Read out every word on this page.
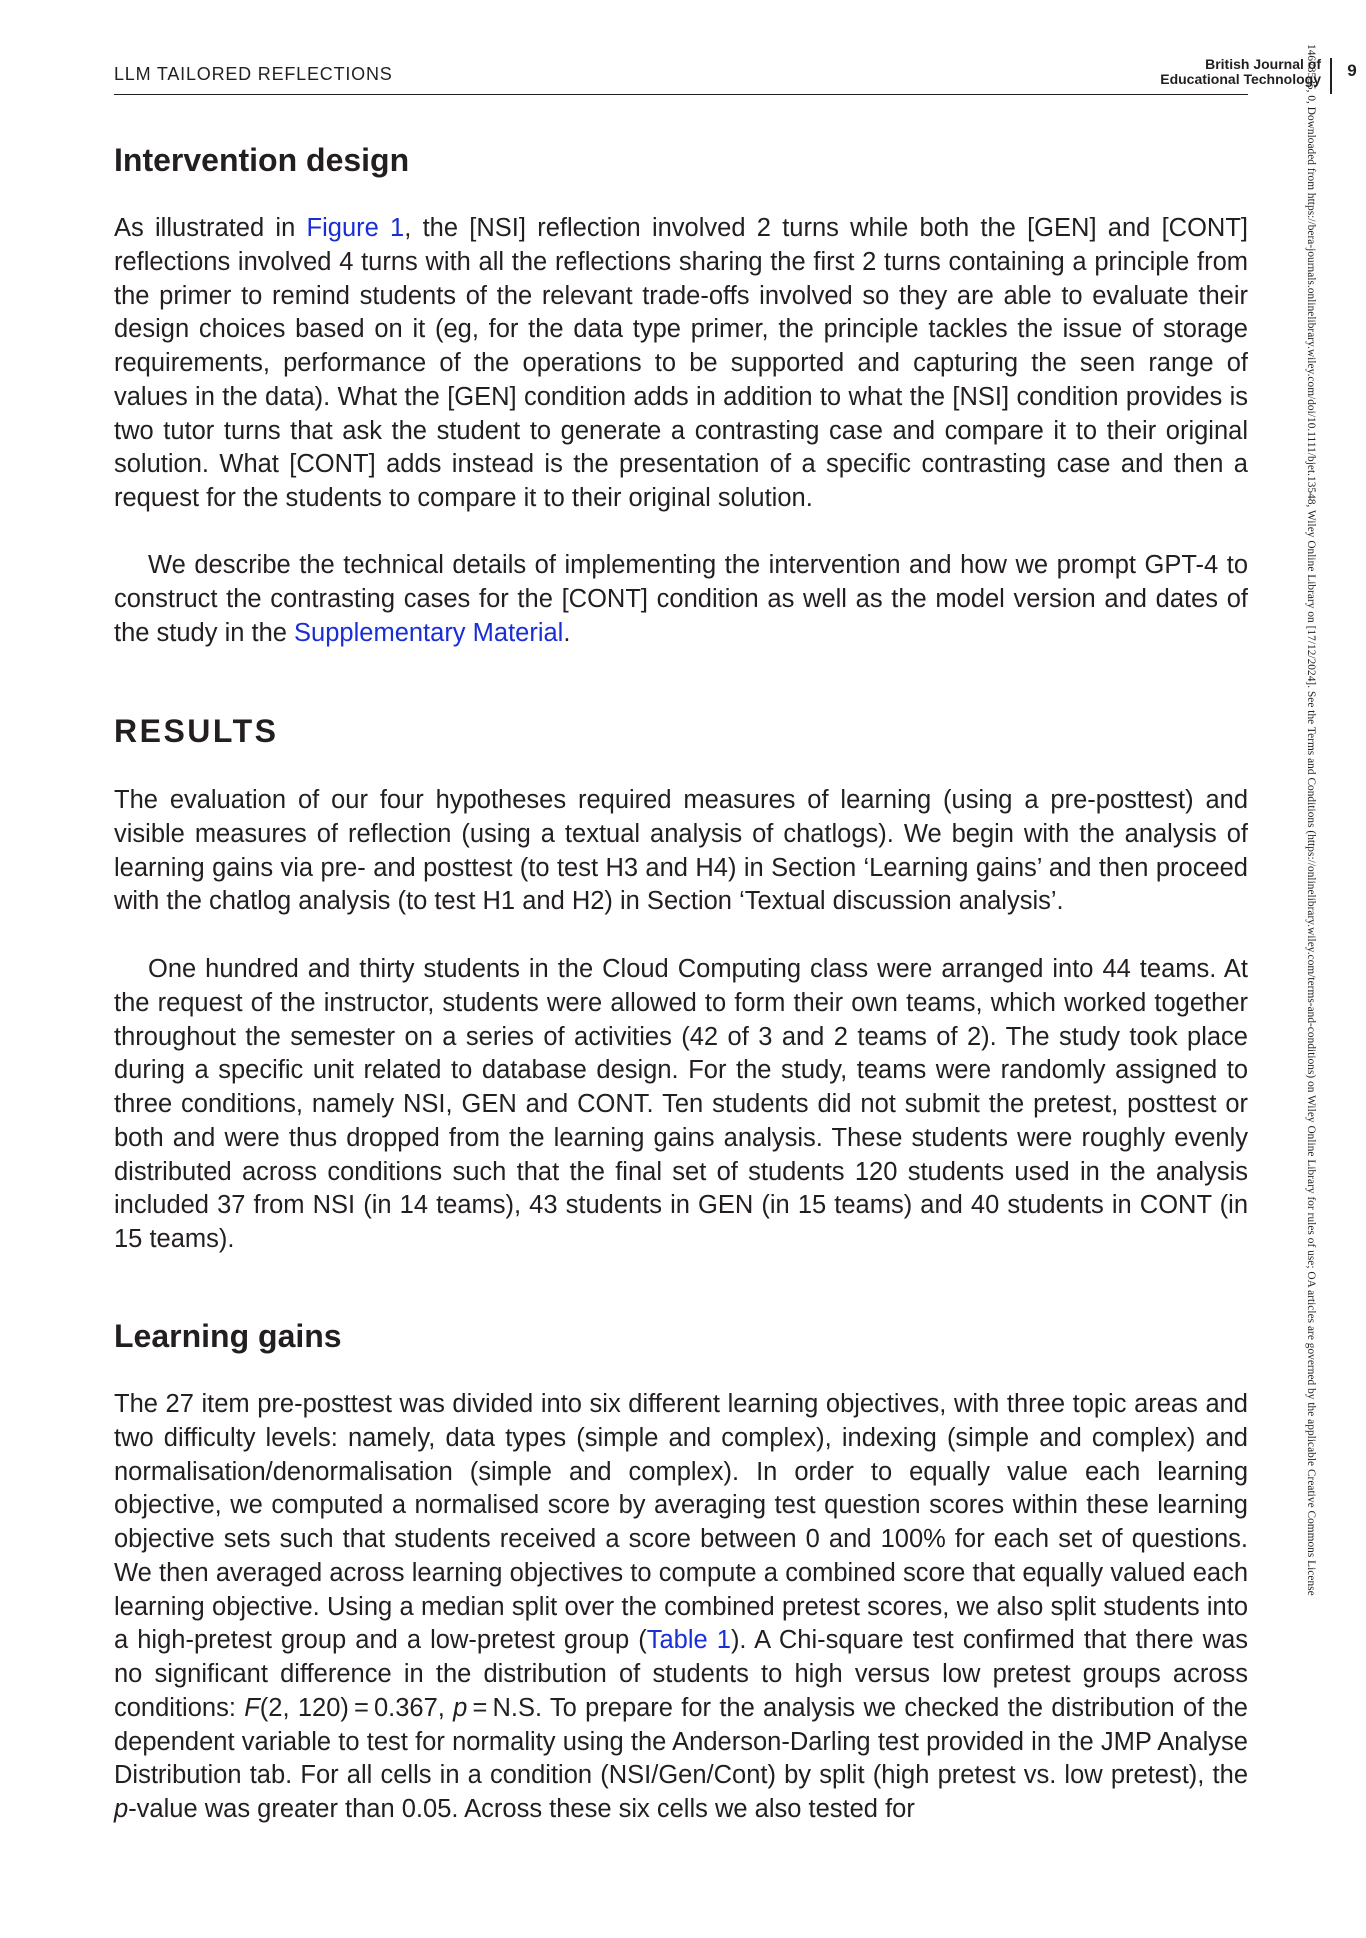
LLM TAILORED REFLECTIONS	British Journal of
Educational Technology	9
14678535, 0, Downloaded from https://bera-journals.onlinelibrary.wiley.com/doi/10.1111/bjet.13548, Wiley Online Library on [17/12/2024]. See the Terms and Conditions (https://onlinelibrary.wiley.com/terms-and-conditions) on Wiley Online Library for rules of use; OA articles are governed by the applicable Creative Commons License
Intervention design

As illustrated in Figure 1, the [NSI] reflection involved 2 turns while both the [GEN] and [CONT] reflections involved 4 turns with all the reflections sharing the first 2 turns containing a principle from the primer to remind students of the relevant trade-offs involved so they are able to evaluate their design choices based on it (eg, for the data type primer, the principle tackles the issue of storage requirements, performance of the operations to be supported and capturing the seen range of values in the data). What the [GEN] condition adds in addition to what the [NSI] condition provides is two tutor turns that ask the student to generate a contrasting case and compare it to their original solution. What [CONT] adds instead is the presentation of a specific contrasting case and then a request for the students to compare it to their original solution.

We describe the technical details of implementing the intervention and how we prompt GPT-4 to construct the contrasting cases for the [CONT] condition as well as the model version and dates of the study in the Supplementary Material.

RESULTS

The evaluation of our four hypotheses required measures of learning (using a pre-posttest) and visible measures of reflection (using a textual analysis of chatlogs). We begin with the analysis of learning gains via pre- and posttest (to test H3 and H4) in Section ‘Learning gains’ and then proceed with the chatlog analysis (to test H1 and H2) in Section ‘Textual discussion analysis’.

One hundred and thirty students in the Cloud Computing class were arranged into 44 teams. At the request of the instructor, students were allowed to form their own teams, which worked together throughout the semester on a series of activities (42 of 3 and 2 teams of 2). The study took place during a specific unit related to database design. For the study, teams were randomly assigned to three conditions, namely NSI, GEN and CONT. Ten students did not submit the pretest, posttest or both and were thus dropped from the learning gains analysis. These students were roughly evenly distributed across conditions such that the final set of students 120 students used in the analysis included 37 from NSI (in 14 teams), 43 students in GEN (in 15 teams) and 40 students in CONT (in 15 teams).

Learning gains

The 27 item pre-posttest was divided into six different learning objectives, with three topic areas and two difficulty levels: namely, data types (simple and complex), indexing (simple and complex) and normalisation/denormalisation (simple and complex). In order to equally value each learning objective, we computed a normalised score by averaging test question scores within these learning objective sets such that students received a score between 0 and 100% for each set of questions. We then averaged across learning objectives to compute a combined score that equally valued each learning objective. Using a median split over the combined pretest scores, we also split students into a high-pretest group and a low-pretest group (Table 1). A Chi-square test confirmed that there was no significant difference in the distribution of students to high versus low pretest groups across conditions: F(2, 120) = 0.367, p = N.S. To prepare for the analysis we checked the distribution of the dependent variable to test for normality using the Anderson-Darling test provided in the JMP Analyse Distribution tab. For all cells in a condition (NSI/Gen/Cont) by split (high pretest vs. low pretest), the p-value was greater than 0.05. Across these six cells we also tested for
